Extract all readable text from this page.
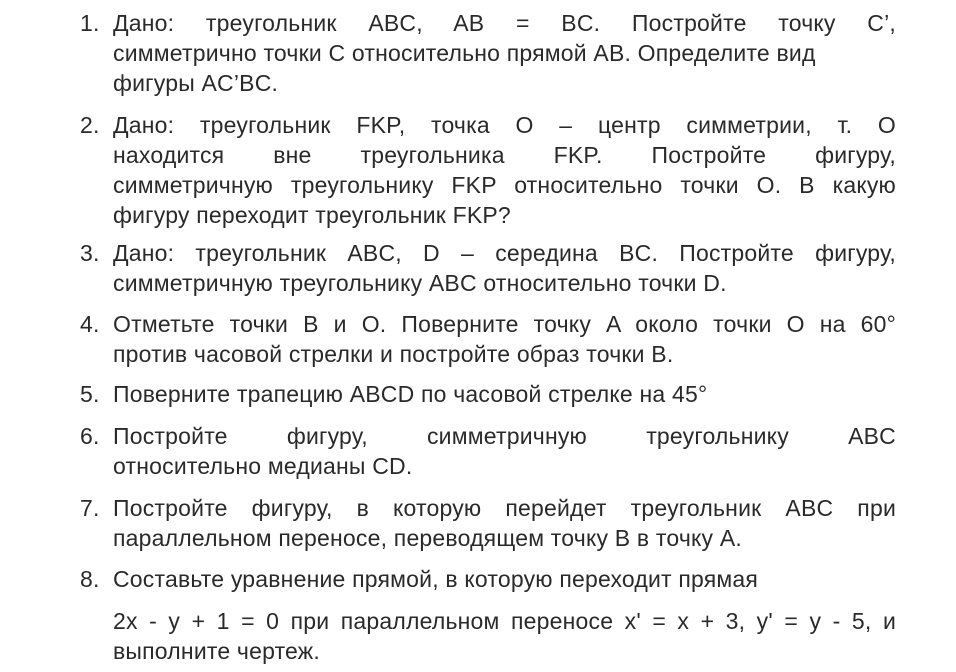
1. Дано: треугольник ABC, AB = BC. Постройте точку C’,
симметрично точки C относительно прямой AB. Определите вид
фигуры AC’BC.
2. Дано: треугольник FKP, точка O – центр симметрии, т. O
находится вне треугольника FKP. Постройте фигуру,
симметричную треугольнику FKP относительно точки O. В какую
фигуру переходит треугольник FKP?
3. Дано: треугольник ABC, D – середина BC. Постройте фигуру,
симметричную треугольнику ABC относительно точки D.
4. Отметьте точки B и O. Поверните точку A около точки O на 60°
против часовой стрелки и постройте образ точки B.
5. Поверните трапецию ABCD по часовой стрелке на 45°
6. Постройте фигуру, симметричную треугольнику ABC
относительно медианы CD.
7. Постройте фигуру, в которую перейдет треугольник ABC при
параллельном переносе, переводящем точку B в точку A.
8. Составьте уравнение прямой, в которую переходит прямая
2x - y + 1 = 0 при параллельном переносе x' = x + 3, y' = y - 5, и
выполните чертеж.
